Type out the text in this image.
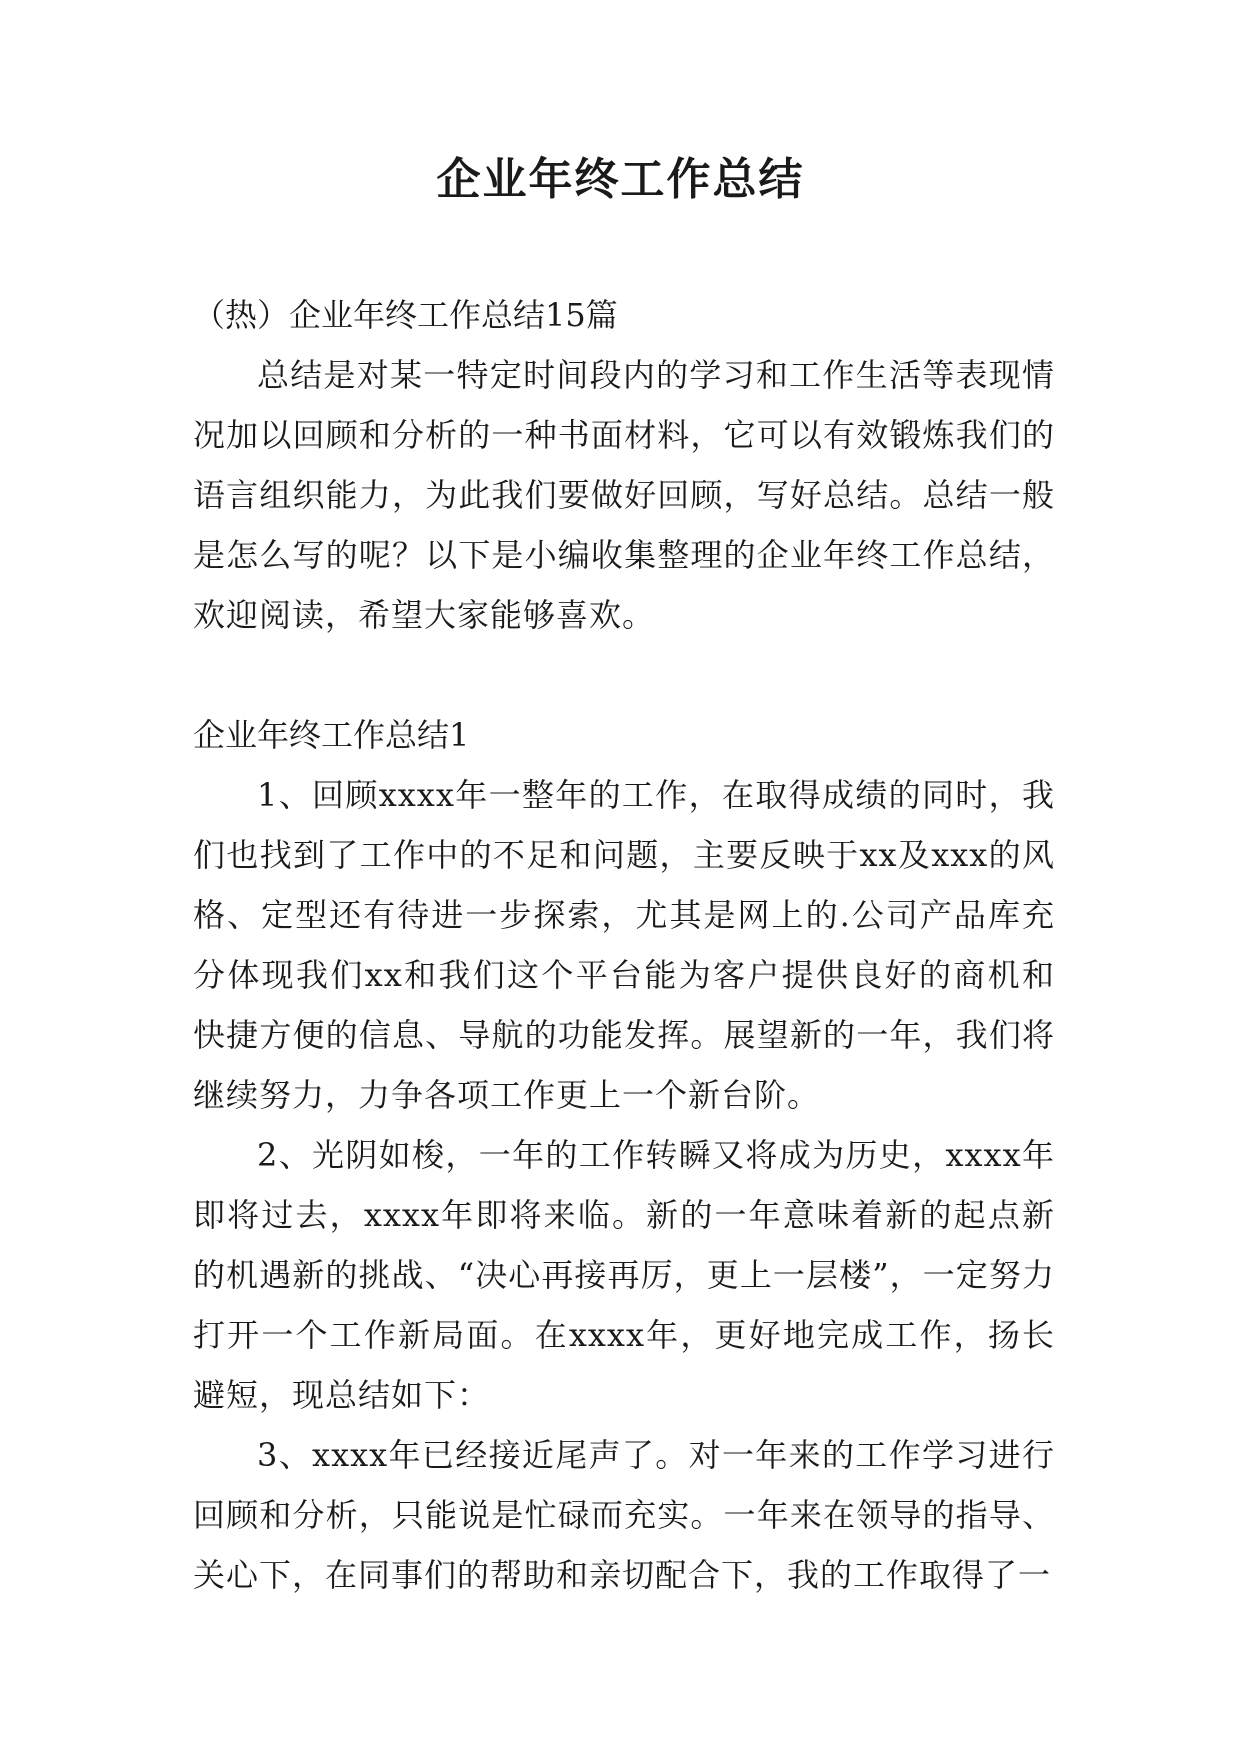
企业年终工作总结

（热）企业年终工作总结15篇

总结是对某一特定时间段内的学习和工作生活等表现情况加以回顾和分析的一种书面材料，它可以有效锻炼我们的语言组织能力，为此我们要做好回顾，写好总结。总结一般是怎么写的呢？以下是小编收集整理的企业年终工作总结，欢迎阅读，希望大家能够喜欢。

企业年终工作总结1

1、回顾xxxx年一整年的工作，在取得成绩的同时，我们也找到了工作中的不足和问题，主要反映于xx及xxx的风格、定型还有待进一步探索，尤其是网上的.公司产品库充分体现我们xx和我们这个平台能为客户提供良好的商机和快捷方便的信息、导航的功能发挥。展望新的一年，我们将继续努力，力争各项工作更上一个新台阶。

2、光阴如梭，一年的工作转瞬又将成为历史，xxxx年即将过去，xxxx年即将来临。新的一年意味着新的起点新的机遇新的挑战、“决心再接再厉，更上一层楼”，一定努力打开一个工作新局面。在xxxx年，更好地完成工作，扬长避短，现总结如下：

3、xxxx年已经接近尾声了。对一年来的工作学习进行回顾和分析，只能说是忙碌而充实。一年来在领导的指导、关心下，在同事们的帮助和亲切配合下，我的工作取得了一
